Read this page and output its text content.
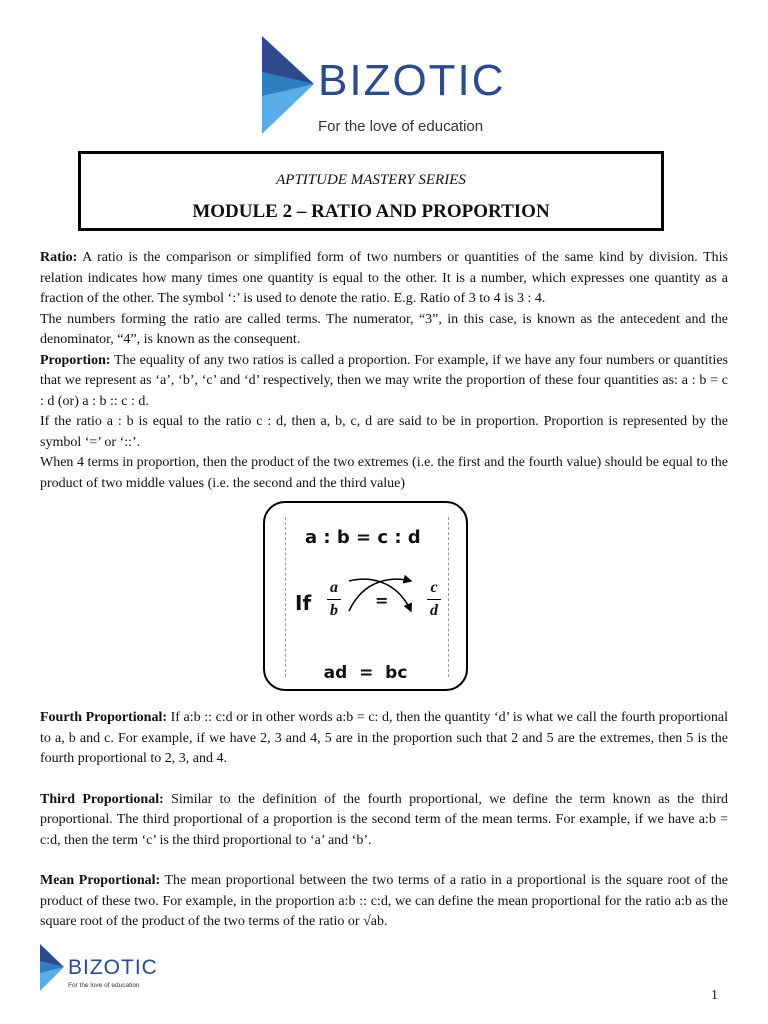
BIZOTIC
For the love of education
APTITUDE MASTERY SERIES
MODULE 2 – RATIO AND PROPORTION

Ratio: A ratio is the comparison or simplified form of two numbers or quantities of the same kind by division. This relation indicates how many times one quantity is equal to the other. It is a number, which expresses one quantity as a fraction of the other. The symbol ‘:’ is used to denote the ratio. E.g. Ratio of 3 to 4 is 3 : 4.

The numbers forming the ratio are called terms. The numerator, “3”, in this case, is known as the antecedent and the denominator, “4”, is known as the consequent.

Proportion: The equality of any two ratios is called a proportion. For example, if we have any four numbers or quantities that we represent as ‘a’, ‘b’, ‘c’ and ‘d’ respectively, then we may write the proportion of these four quantities as: a : b = c : d (or) a : b :: c : d.

If the ratio a : b is equal to the ratio c : d, then a, b, c, d are said to be in proportion. Proportion is represented by the symbol ‘=’ or ‘::’.

When 4 terms in proportion, then the product of the two extremes (i.e. the first and the fourth value) should be equal to the product of two middle values (i.e. the second and the third value)

Fourth Proportional: If a:b :: c:d or in other words a:b = c: d, then the quantity ‘d’ is what we call the fourth proportional to a, b and c. For example, if we have 2, 3 and 4, 5 are in the proportion such that 2 and 5 are the extremes, then 5 is the fourth proportional to 2, 3, and 4.

Third Proportional: Similar to the definition of the fourth proportional, we define the term known as the third proportional. The third proportional of a proportion is the second term of the mean terms. For example, if we have a:b = c:d, then the term ‘c’ is the third proportional to ‘a’ and ‘b’.

Mean Proportional: The mean proportional between the two terms of a ratio in a proportional is the square root of the product of these two. For example, in the proportion a:b :: c:d, we can define the mean proportional for the ratio a:b as the square root of the product of the two terms of the ratio or √ab.

a : b = c : d
If
a
b
=
c
d
ad  =  bc
BIZOTIC
For the love of education
1
